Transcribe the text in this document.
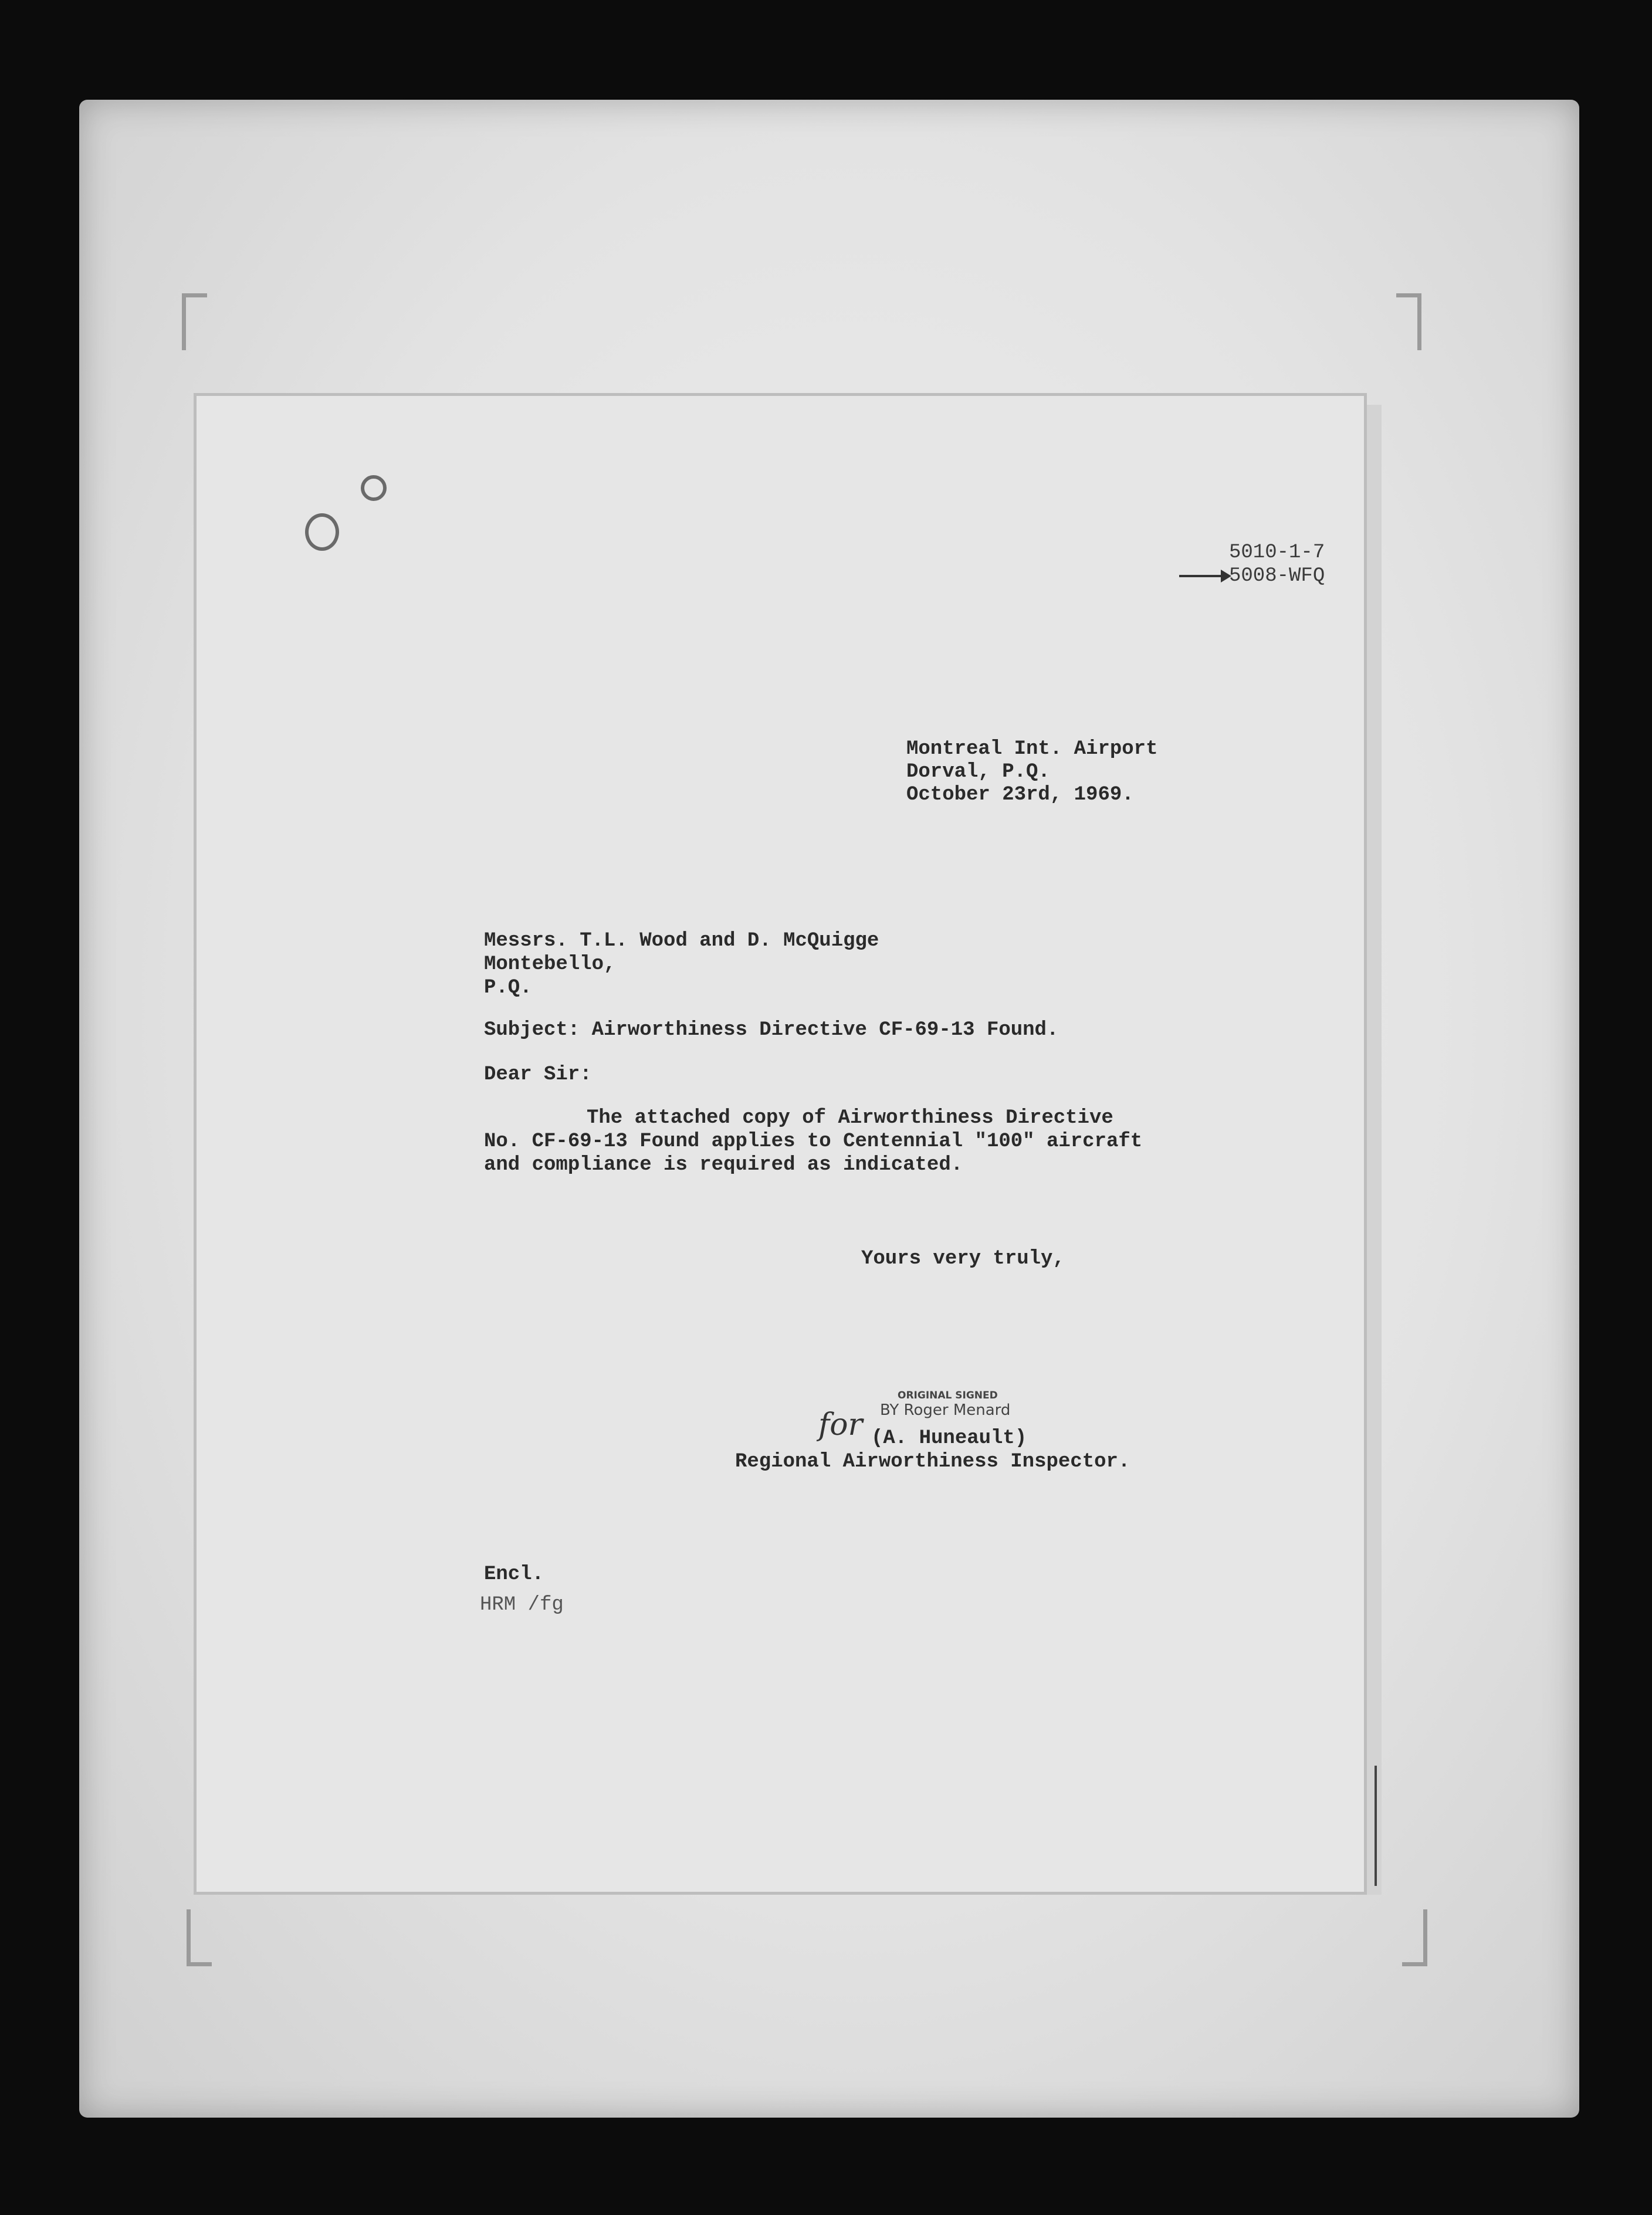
5010-1-7
5008-WFQ
Montreal Int. Airport
Dorval, P.Q.
October 23rd, 1969.
Messrs. T.L. Wood and D. McQuigge
Montebello,
P.Q.
Subject: Airworthiness Directive CF-69-13 Found.
Dear Sir:
The attached copy of Airworthiness Directive
No. CF-69-13 Found applies to Centennial "100" aircraft
and compliance is required as indicated.
Yours very truly,
ORIGINAL SIGNED
BY Roger Menard
for (A. Huneault)
Regional Airworthiness Inspector.
Encl.
HRM /fg
